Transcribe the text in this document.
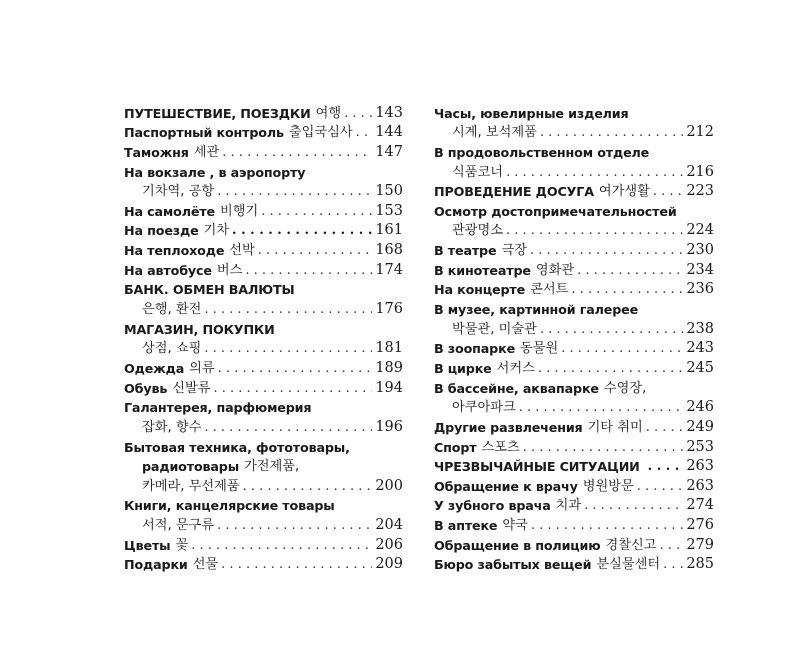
ПУТЕШЕСТВИЕ, ПОЕЗДКИ 여행 . . . 143
Паспортный контроль 출입국심사 . . . 144
Таможня 세관 . . .	147
На вокзале , в аэропорту
기차역, 공항 . . .	150
На самолёте 비행기 . . .	153
На поезде 기차 . . .	161
На теплоходе 선박 . . .	168
На автобусе 버스 . . .	174
БАНК. ОБМЕН ВАЛЮТЫ
은행, 환전 . . .	176
МАГАЗИН, ПОКУПКИ
상점, 쇼핑 . . .	181
Одежда 의류 . . .	189
Обувь 신발류 . . .	194
Галантерея, парфюмерия
잡화, 향수 . . .	196
Бытовая техника, фототовары,
радиотовары 가전제품,
카메라, 무선제품 . . .	200
Книги, канцелярские товары
서적, 문구류 . . .	204
Цветы 꽃 . . .	206
Подарки 선물 . . .	209
Часы, ювелирные изделия
시계, 보석제품 . . .	212
В продовольственном отделе
식품코너 . . .	216
ПРОВЕДЕНИЕ ДОСУГА 여가생활 . . .	223
Осмотр достопримечательностей
관광명소 . . .	224
В театре 극장 . . .	230
В кинотеатре 영화관 . . .	234
На концерте 콘서트 . . .	236
В музее, картинной галерее
박물관, 미술관 . . .	238
В зоопарке 동물원 . . .	243
В цирке 서커스 . . .	245
В бассейне, аквапарке 수영장,
아쿠아파크 . . .	246
Другие развлечения 기타 취미 . . .	249
Спорт 스포츠 . . .	253
ЧРЕЗВЫЧАЙНЫЕ СИТУАЦИИ . . .	263
Обращение к врачу 병원방문 . . .	263
У зубного врача 치과 . . .	274
В аптеке 약국 . . .	276
Обращение в полицию 경찰신고 . . . 279
Бюро забытых вещей 분실물센터 . . . 285
